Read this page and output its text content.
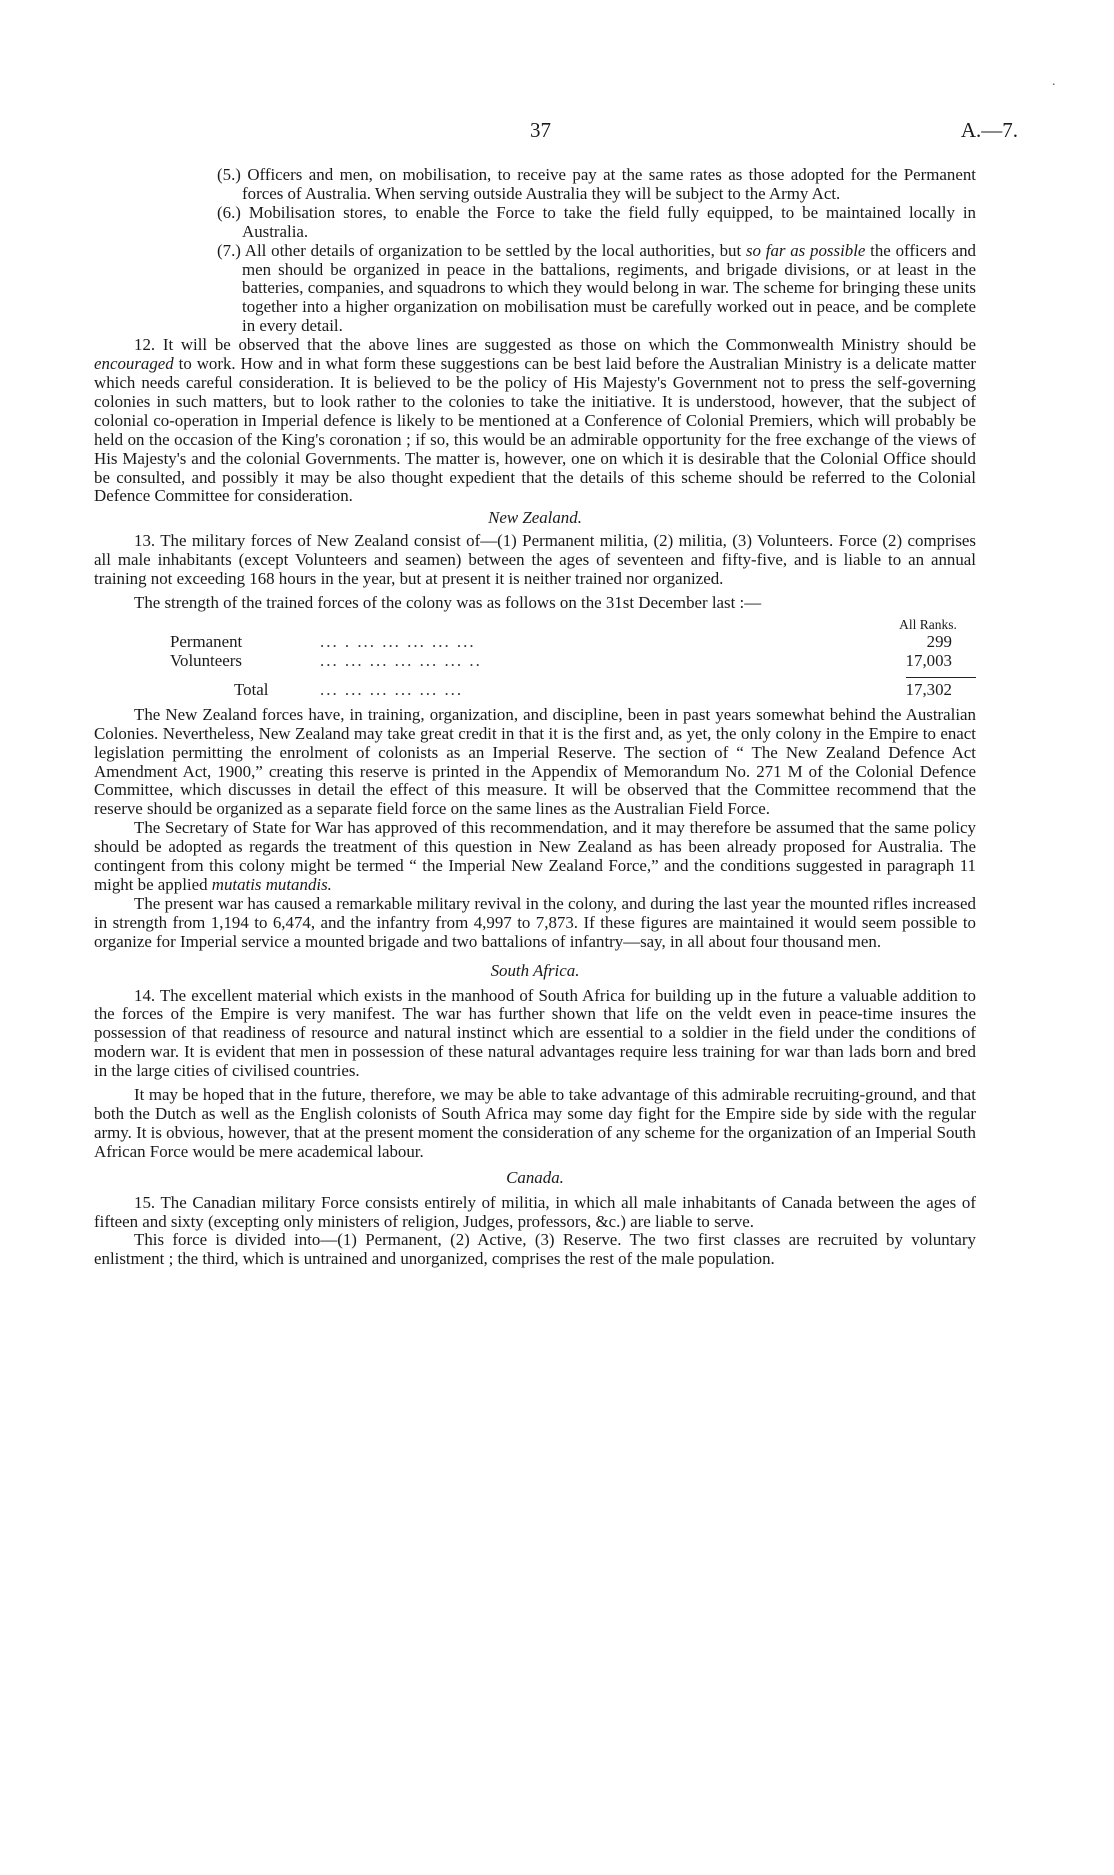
·
37	A.—7.

(5.) Officers and men, on mobilisation, to receive pay at the same rates as those adopted for the Permanent forces of Australia. When serving outside Australia they will be subject to the Army Act.

(6.) Mobilisation stores, to enable the Force to take the field fully equipped, to be maintained locally in Australia.

(7.) All other details of organization to be settled by the local authorities, but so far as possible the officers and men should be organized in peace in the battalions, regiments, and brigade divisions, or at least in the batteries, companies, and squadrons to which they would belong in war. The scheme for bringing these units together into a higher organization on mobilisation must be carefully worked out in peace, and be complete in every detail.

12. It will be observed that the above lines are suggested as those on which the Commonwealth Ministry should be encouraged to work. How and in what form these suggestions can be best laid before the Australian Ministry is a delicate matter which needs careful consideration. It is believed to be the policy of His Majesty's Government not to press the self-governing colonies in such matters, but to look rather to the colonies to take the initiative. It is understood, however, that the subject of colonial co-operation in Imperial defence is likely to be mentioned at a Conference of Colonial Premiers, which will probably be held on the occasion of the King's coronation ; if so, this would be an admirable opportunity for the free exchange of the views of His Majesty's and the colonial Governments. The matter is, however, one on which it is desirable that the Colonial Office should be consulted, and possibly it may be also thought expedient that the details of this scheme should be referred to the Colonial Defence Committee for consideration.

New Zealand.

13. The military forces of New Zealand consist of—(1) Permanent militia, (2) militia, (3) Volunteers. Force (2) comprises all male inhabitants (except Volunteers and seamen) between the ages of seventeen and fifty-five, and is liable to an annual training not exceeding 168 hours in the year, but at present it is neither trained nor organized.

The strength of the trained forces of the colony was as follows on the 31st December last :—

All Ranks.
Permanent	... . ... ... ... ... ...	299
Volunteers	... ... ... ... ... ... ..	17,003
Total	... ... ... ... ... ...	17,302

The New Zealand forces have, in training, organization, and discipline, been in past years somewhat behind the Australian Colonies. Nevertheless, New Zealand may take great credit in that it is the first and, as yet, the only colony in the Empire to enact legislation permitting the enrolment of colonists as an Imperial Reserve. The section of “ The New Zealand Defence Act Amendment Act, 1900,” creating this reserve is printed in the Appendix of Memorandum No. 271 M of the Colonial Defence Committee, which discusses in detail the effect of this measure. It will be observed that the Committee recommend that the reserve should be organized as a separate field force on the same lines as the Australian Field Force.

The Secretary of State for War has approved of this recommendation, and it may therefore be assumed that the same policy should be adopted as regards the treatment of this question in New Zealand as has been already proposed for Australia. The contingent from this colony might be termed “ the Imperial New Zealand Force,” and the conditions suggested in paragraph 11 might be applied mutatis mutandis.

The present war has caused a remarkable military revival in the colony, and during the last year the mounted rifles increased in strength from 1,194 to 6,474, and the infantry from 4,997 to 7,873. If these figures are maintained it would seem possible to organize for Imperial service a mounted brigade and two battalions of infantry—say, in all about four thousand men.

South Africa.

14. The excellent material which exists in the manhood of South Africa for building up in the future a valuable addition to the forces of the Empire is very manifest. The war has further shown that life on the veldt even in peace-time insures the possession of that readiness of resource and natural instinct which are essential to a soldier in the field under the conditions of modern war. It is evident that men in possession of these natural advantages require less training for war than lads born and bred in the large cities of civilised countries.

It may be hoped that in the future, therefore, we may be able to take advantage of this admirable recruiting-ground, and that both the Dutch as well as the English colonists of South Africa may some day fight for the Empire side by side with the regular army. It is obvious, however, that at the present moment the consideration of any scheme for the organization of an Imperial South African Force would be mere academical labour.

Canada.

15. The Canadian military Force consists entirely of militia, in which all male inhabitants of Canada between the ages of fifteen and sixty (excepting only ministers of religion, Judges, professors, &c.) are liable to serve.

This force is divided into—(1) Permanent, (2) Active, (3) Reserve. The two first classes are recruited by voluntary enlistment ; the third, which is untrained and unorganized, comprises the rest of the male population.
